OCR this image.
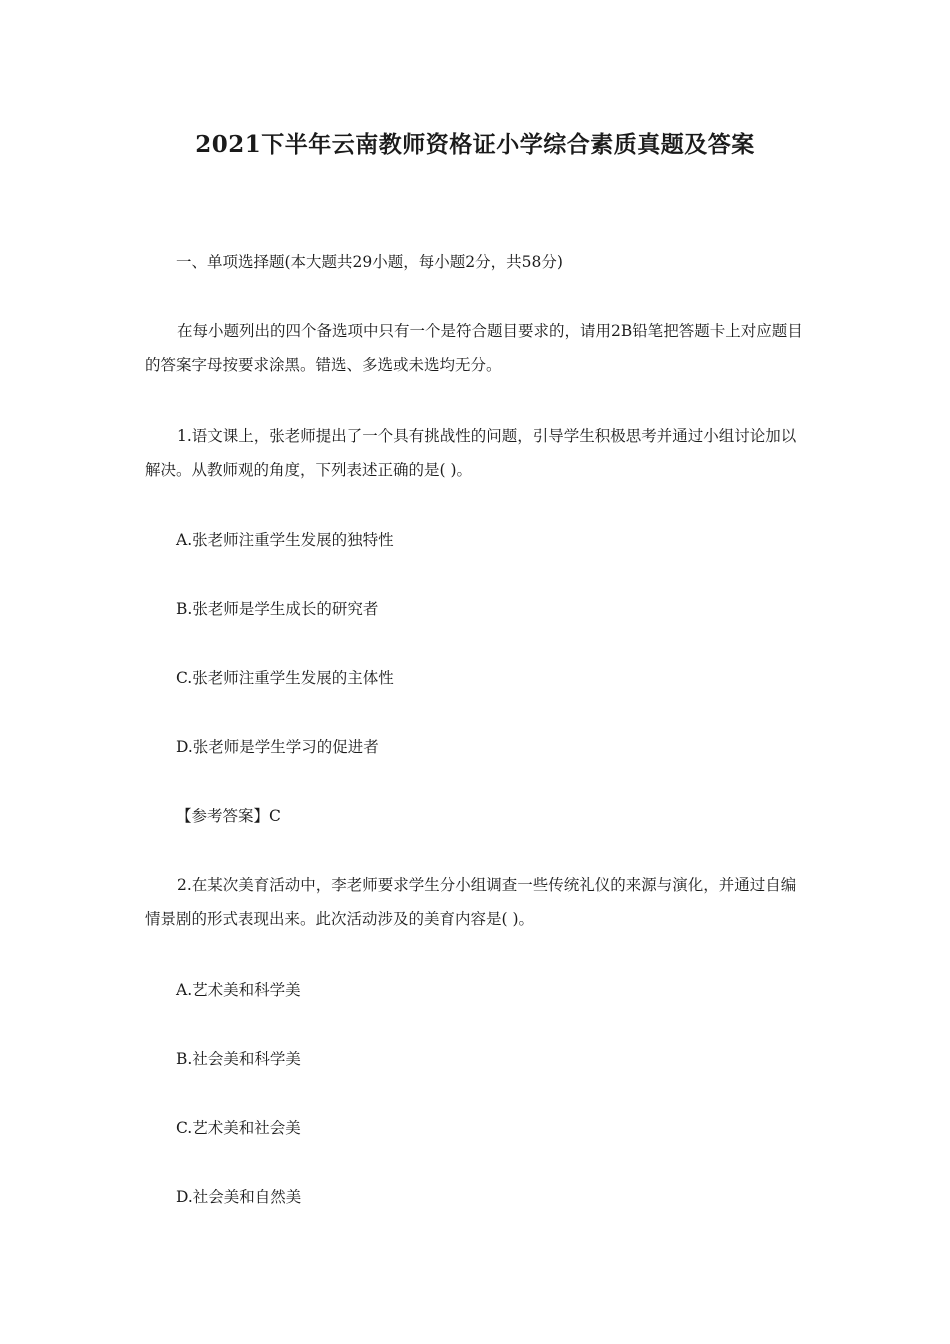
2021下半年云南教师资格证小学综合素质真题及答案

一、单项选择题(本大题共29小题，每小题2分，共58分)

在每小题列出的四个备选项中只有一个是符合题目要求的，请用2B铅笔把答题卡上对应题目的答案字母按要求涂黑。错选、多选或未选均无分。

1.语文课上，张老师提出了一个具有挑战性的问题，引导学生积极思考并通过小组讨论加以解决。从教师观的角度，下列表述正确的是( )。

A.张老师注重学生发展的独特性

B.张老师是学生成长的研究者

C.张老师注重学生发展的主体性

D.张老师是学生学习的促进者

【参考答案】C

2.在某次美育活动中，李老师要求学生分小组调查一些传统礼仪的来源与演化，并通过自编情景剧的形式表现出来。此次活动涉及的美育内容是( )。

A.艺术美和科学美

B.社会美和科学美

C.艺术美和社会美

D.社会美和自然美
